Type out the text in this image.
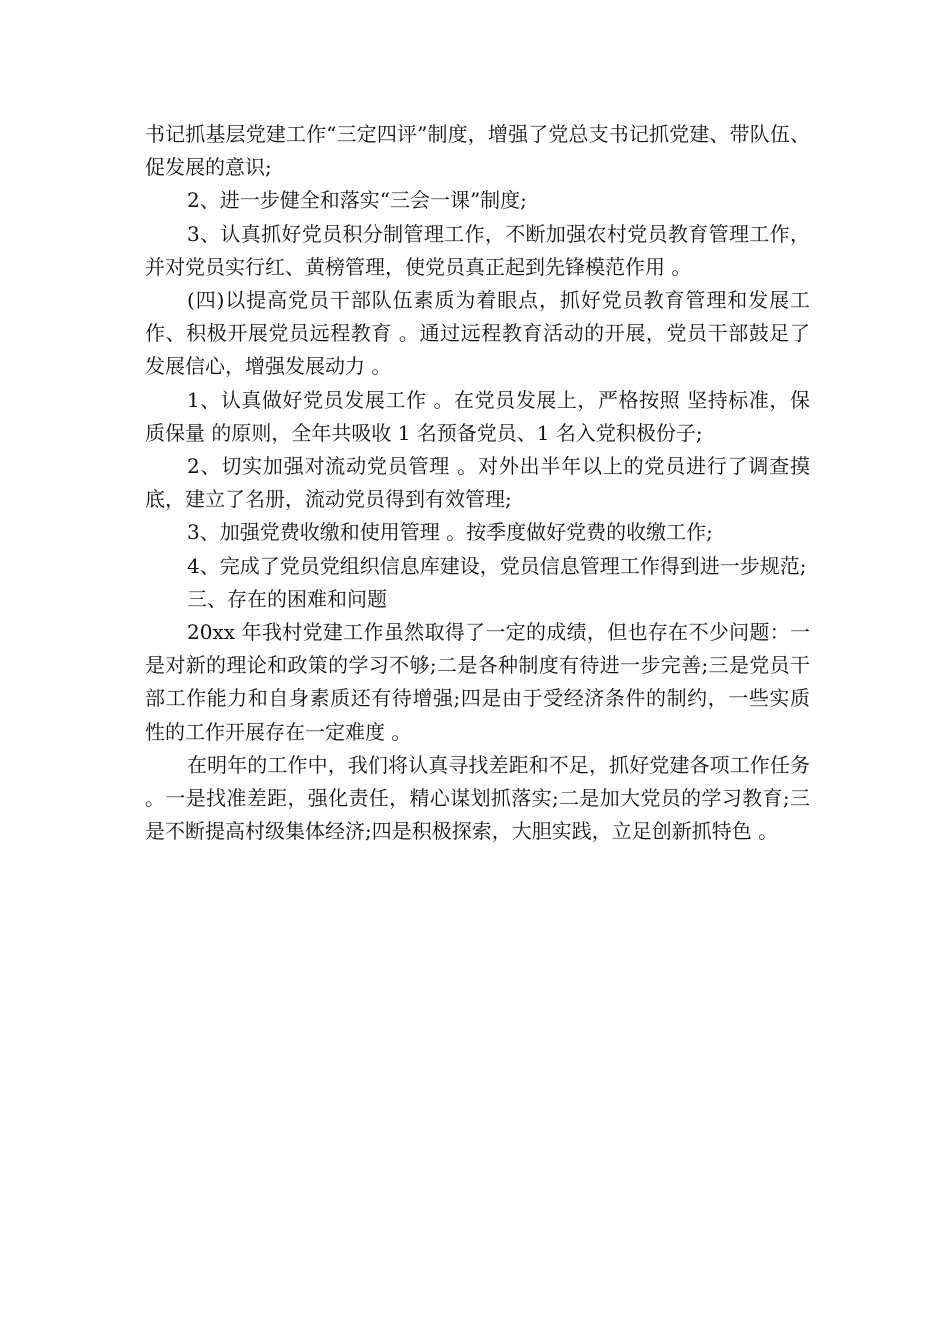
书记抓基层党建工作“三定四评”制度，增强了党总支书记抓党建、带队伍、促发展的意识;

2、进一步健全和落实“三会一课”制度;

3、认真抓好党员积分制管理工作，不断加强农村党员教育管理工作，并对党员实行红、黄榜管理，使党员真正起到先锋模范作用 。

(四)以提高党员干部队伍素质为着眼点，抓好党员教育管理和发展工作、积极开展党员远程教育 。通过远程教育活动的开展，党员干部鼓足了发展信心，增强发展动力 。

1、认真做好党员发展工作 。在党员发展上，严格按照 坚持标准，保质保量 的原则，全年共吸收 1 名预备党员、1 名入党积极份子;

2、切实加强对流动党员管理 。对外出半年以上的党员进行了调查摸底，建立了名册，流动党员得到有效管理;

3、加强党费收缴和使用管理 。按季度做好党费的收缴工作;

4、完成了党员党组织信息库建设，党员信息管理工作得到进一步规范;

三、存在的困难和问题

20xx 年我村党建工作虽然取得了一定的成绩，但也存在不少问题：一是对新的理论和政策的学习不够;二是各种制度有待进一步完善;三是党员干部工作能力和自身素质还有待增强;四是由于受经济条件的制约，一些实质性的工作开展存在一定难度 。

在明年的工作中，我们将认真寻找差距和不足，抓好党建各项工作任务 。一是找准差距，强化责任，精心谋划抓落实;二是加大党员的学习教育;三是不断提高村级集体经济;四是积极探索，大胆实践，立足创新抓特色 。
